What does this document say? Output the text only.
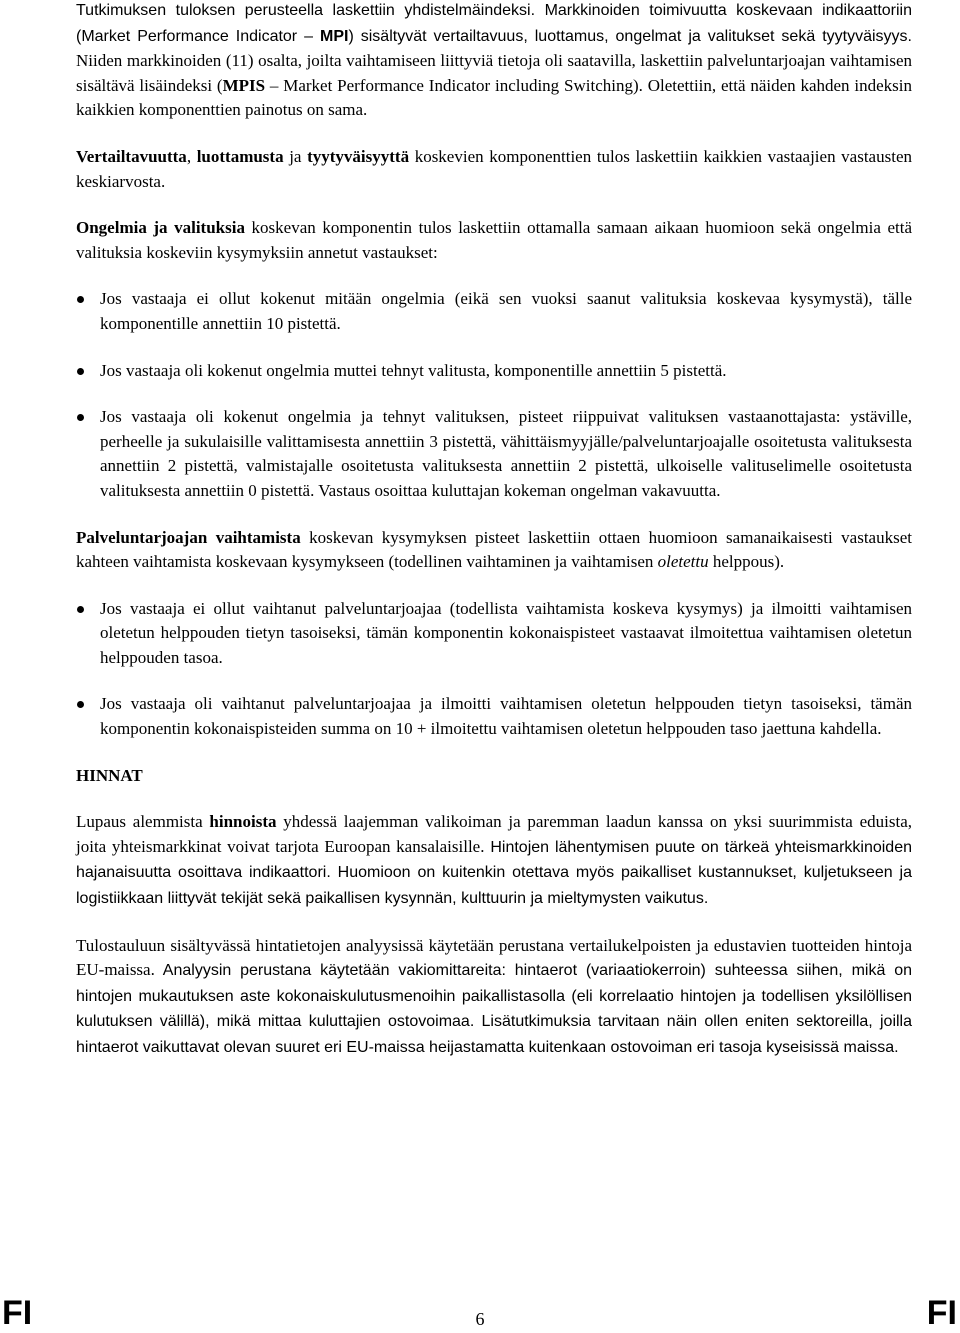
Tutkimuksen tuloksen perusteella laskettiin yhdistelmäindeksi. Markkinoiden toimivuutta koskevaan indikaattoriin (Market Performance Indicator – MPI) sisältyvät vertailtavuus, luottamus, ongelmat ja valitukset sekä tyytyväisyys. Niiden markkinoiden (11) osalta, joilta vaihtamiseen liittyviä tietoja oli saatavilla, laskettiin palveluntarjoajan vaihtamisen sisältävä lisäindeksi (MPIS – Market Performance Indicator including Switching). Oletettiin, että näiden kahden indeksin kaikkien komponenttien painotus on sama.

Vertailtavuutta, luottamusta ja tyytyväisyyttä koskevien komponenttien tulos laskettiin kaikkien vastaajien vastausten keskiarvosta.

Ongelmia ja valituksia koskevan komponentin tulos laskettiin ottamalla samaan aikaan huomioon sekä ongelmia että valituksia koskeviin kysymyksiin annetut vastaukset:

Jos vastaaja ei ollut kokenut mitään ongelmia (eikä sen vuoksi saanut valituksia koskevaa kysymystä), tälle komponentille annettiin 10 pistettä.
Jos vastaaja oli kokenut ongelmia muttei tehnyt valitusta, komponentille annettiin 5 pistettä.
Jos vastaaja oli kokenut ongelmia ja tehnyt valituksen, pisteet riippuivat valituksen vastaanottajasta: ystäville, perheelle ja sukulaisille valittamisesta annettiin 3 pistettä, vähittäismyyjälle/palveluntarjoajalle osoitetusta valituksesta annettiin 2 pistettä, valmistajalle osoitetusta valituksesta annettiin 2 pistettä, ulkoiselle valituselimelle osoitetusta valituksesta annettiin 0 pistettä. Vastaus osoittaa kuluttajan kokeman ongelman vakavuutta.

Palveluntarjoajan vaihtamista koskevan kysymyksen pisteet laskettiin ottaen huomioon samanaikaisesti vastaukset kahteen vaihtamista koskevaan kysymykseen (todellinen vaihtaminen ja vaihtamisen oletettu helppous).

Jos vastaaja ei ollut vaihtanut palveluntarjoajaa (todellista vaihtamista koskeva kysymys) ja ilmoitti vaihtamisen oletetun helppouden tietyn tasoiseksi, tämän komponentin kokonaispisteet vastaavat ilmoitettua vaihtamisen oletetun helppouden tasoa.
Jos vastaaja oli vaihtanut palveluntarjoajaa ja ilmoitti vaihtamisen oletetun helppouden tietyn tasoiseksi, tämän komponentin kokonaispisteiden summa on 10 + ilmoitettu vaihtamisen oletetun helppouden taso jaettuna kahdella.

HINNAT

Lupaus alemmista hinnoista yhdessä laajemman valikoiman ja paremman laadun kanssa on yksi suurimmista eduista, joita yhteismarkkinat voivat tarjota Euroopan kansalaisille. Hintojen lähentymisen puute on tärkeä yhteismarkkinoiden hajanaisuutta osoittava indikaattori. Huomioon on kuitenkin otettava myös paikalliset kustannukset, kuljetukseen ja logistiikkaan liittyvät tekijät sekä paikallisen kysynnän, kulttuurin ja mieltymysten vaikutus.

Tulostauluun sisältyvässä hintatietojen analyysissä käytetään perustana vertailukelpoisten ja edustavien tuotteiden hintoja EU-maissa. Analyysin perustana käytetään vakiomittareita: hintaerot (variaatiokerroin) suhteessa siihen, mikä on hintojen mukautuksen aste kokonaiskulutusmenoihin paikallistasolla (eli korrelaatio hintojen ja todellisen yksilöllisen kulutuksen välillä), mikä mittaa kuluttajien ostovoimaa. Lisätutkimuksia tarvitaan näin ollen eniten sektoreilla, joilla hintaerot vaikuttavat olevan suuret eri EU-maissa heijastamatta kuitenkaan ostovoiman eri tasoja kyseisissä maissa.

FI	6	FI
